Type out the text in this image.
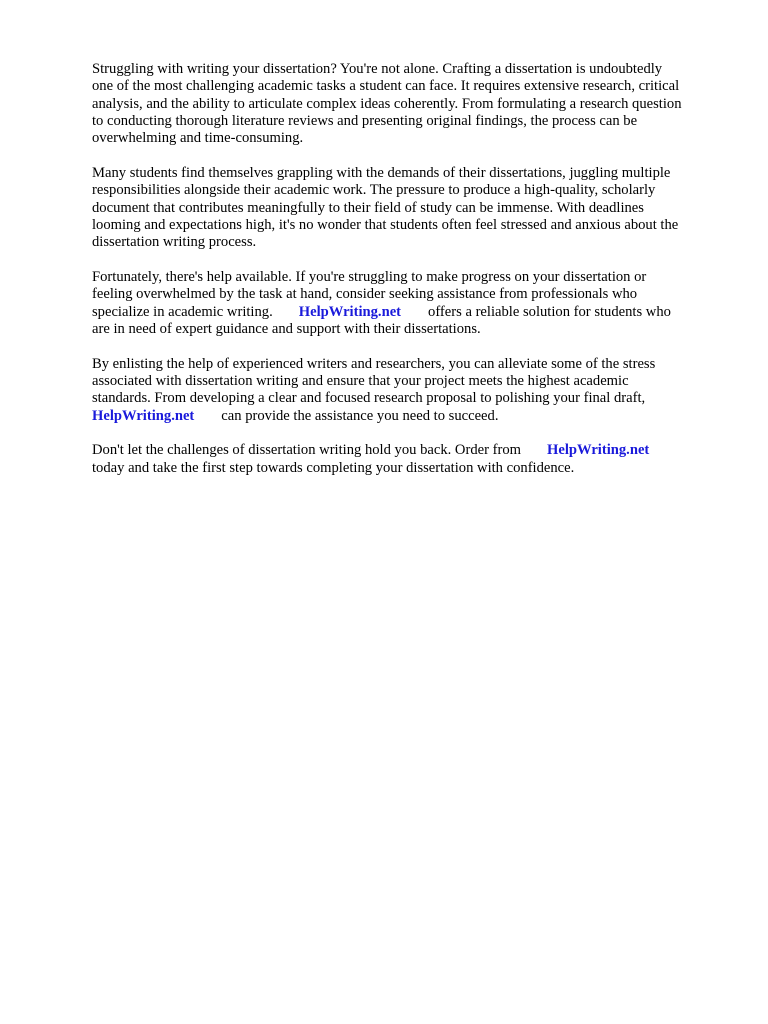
Struggling with writing your dissertation? You're not alone. Crafting a dissertation is undoubtedly
one of the most challenging academic tasks a student can face. It requires extensive research, critical
analysis, and the ability to articulate complex ideas coherently. From formulating a research question
to conducting thorough literature reviews and presenting original findings, the process can be
overwhelming and time-consuming.

Many students find themselves grappling with the demands of their dissertations, juggling multiple
responsibilities alongside their academic work. The pressure to produce a high-quality, scholarly
document that contributes meaningfully to their field of study can be immense. With deadlines
looming and expectations high, it's no wonder that students often feel stressed and anxious about the
dissertation writing process.

Fortunately, there's help available. If you're struggling to make progress on your dissertation or
feeling overwhelmed by the task at hand, consider seeking assistance from professionals who
specialize in academic writing. HelpWriting.net offers a reliable solution for students who
are in need of expert guidance and support with their dissertations.

By enlisting the help of experienced writers and researchers, you can alleviate some of the stress
associated with dissertation writing and ensure that your project meets the highest academic
standards. From developing a clear and focused research proposal to polishing your final draft,
HelpWriting.net can provide the assistance you need to succeed.

Don't let the challenges of dissertation writing hold you back. Order from HelpWriting.net
today and take the first step towards completing your dissertation with confidence.
